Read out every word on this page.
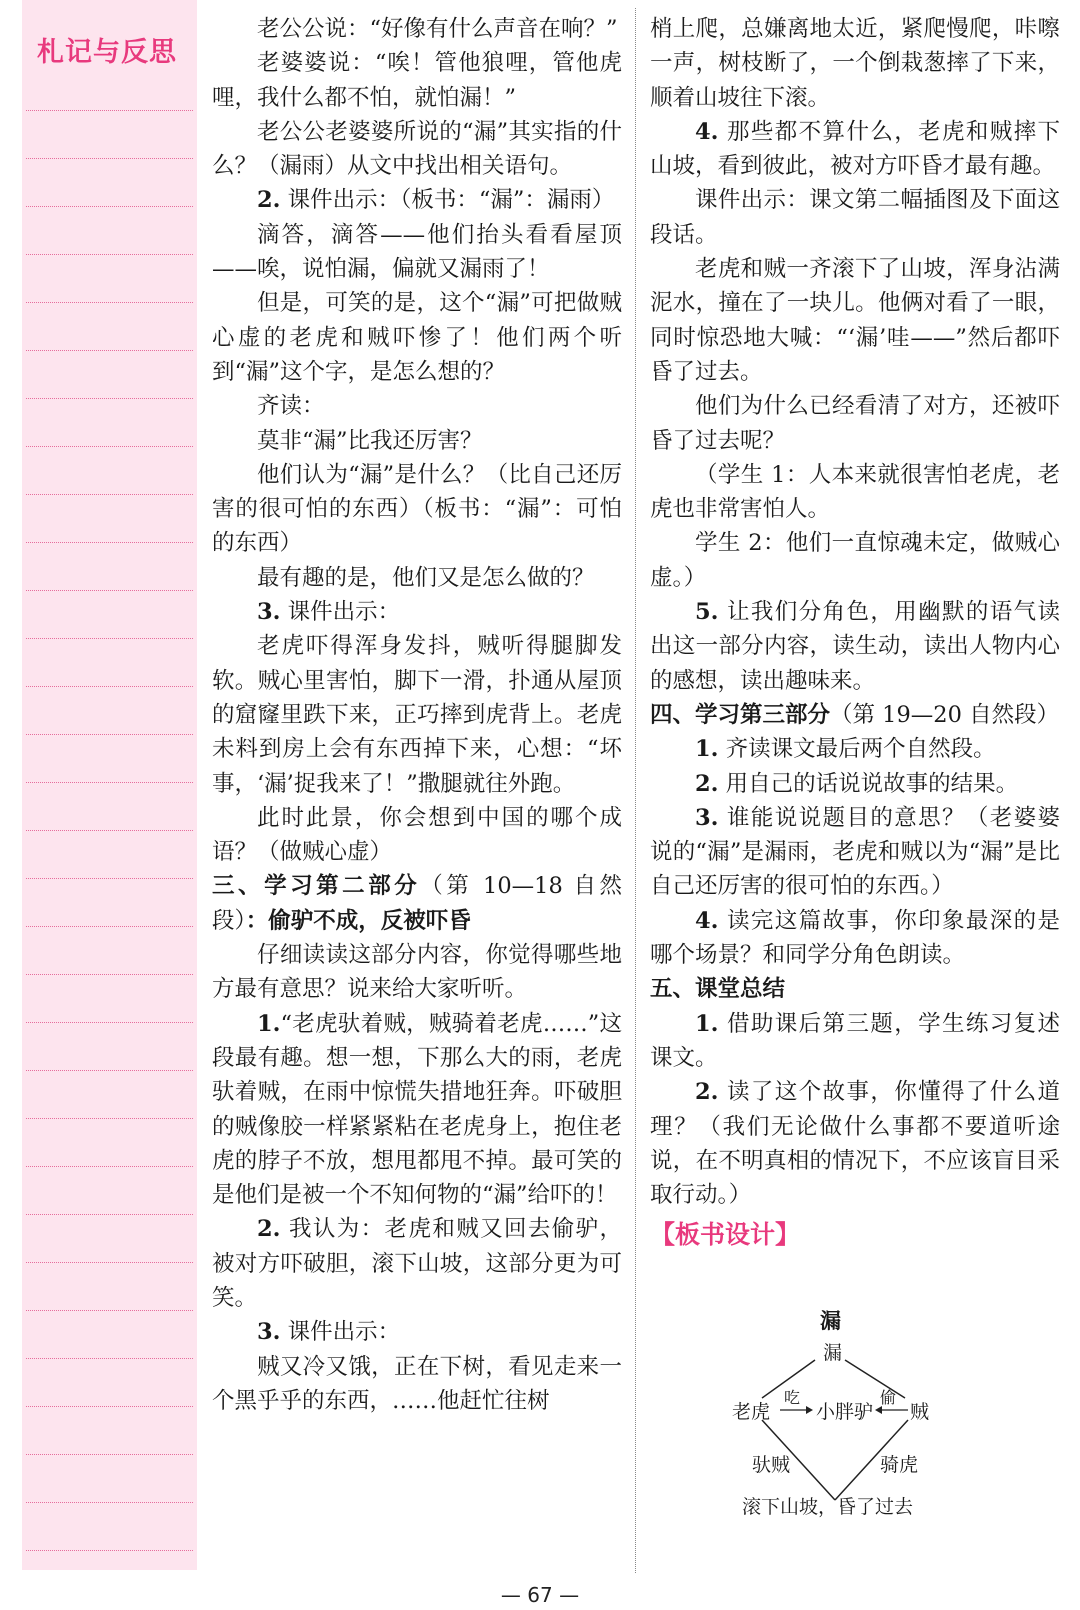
札记与反思

老公公说：“好像有什么声音在响？”

老婆婆说：“唉！管他狼哩，管他虎哩，我什么都不怕，就怕漏！”

老公公老婆婆所说的“漏”其实指的什么？（漏雨）从文中找出相关语句。

2. 课件出示：（板书：“漏”：漏雨）

滴答，滴答——他们抬头看看屋顶——唉，说怕漏，偏就又漏雨了！

但是，可笑的是，这个“漏”可把做贼心虚的老虎和贼吓惨了！他们两个听到“漏”这个字，是怎么想的？

齐读：

莫非“漏”比我还厉害？

他们认为“漏”是什么？（比自己还厉害的很可怕的东西）（板书：“漏”：可怕的东西）

最有趣的是，他们又是怎么做的？

3. 课件出示：

老虎吓得浑身发抖，贼听得腿脚发软。贼心里害怕，脚下一滑，扑通从屋顶的窟窿里跌下来，正巧摔到虎背上。老虎未料到房上会有东西掉下来，心想：“坏事，‘漏’捉我来了！”撒腿就往外跑。

此时此景，你会想到中国的哪个成语？（做贼心虚）

三、学习第二部分（第 10—18 自然段）：偷驴不成，反被吓昏

仔细读读这部分内容，你觉得哪些地方最有意思？说来给大家听听。

1.“老虎驮着贼，贼骑着老虎……”这段最有趣。想一想，下那么大的雨，老虎驮着贼，在雨中惊慌失措地狂奔。吓破胆的贼像胶一样紧紧粘在老虎身上，抱住老虎的脖子不放，想甩都甩不掉。最可笑的是他们是被一个不知何物的“漏”给吓的！

2. 我认为：老虎和贼又回去偷驴，被对方吓破胆，滚下山坡，这部分更为可笑。

3. 课件出示：

贼又冷又饿，正在下树，看见走来一个黑乎乎的东西，……他赶忙往树

梢上爬，总嫌离地太近，紧爬慢爬，咔嚓一声，树枝断了，一个倒栽葱摔了下来，顺着山坡往下滚。

4. 那些都不算什么，老虎和贼摔下山坡，看到彼此，被对方吓昏才最有趣。

课件出示：课文第二幅插图及下面这段话。

老虎和贼一齐滚下了山坡，浑身沾满泥水，撞在了一块儿。他俩对看了一眼，同时惊恐地大喊：“‘漏’哇——”然后都吓昏了过去。

他们为什么已经看清了对方，还被吓昏了过去呢？

（学生 1：人本来就很害怕老虎，老虎也非常害怕人。

学生 2：他们一直惊魂未定，做贼心虚。）

5. 让我们分角色，用幽默的语气读出这一部分内容，读生动，读出人物内心的感想，读出趣味来。

四、学习第三部分（第 19—20 自然段）

1. 齐读课文最后两个自然段。

2. 用自己的话说说故事的结果。

3. 谁能说说题目的意思？（老婆婆说的“漏”是漏雨，老虎和贼以为“漏”是比自己还厉害的很可怕的东西。）

4. 读完这篇故事，你印象最深的是哪个场景？和同学分角色朗读。

五、课堂总结

1. 借助课后第三题，学生练习复述课文。

2. 读了这个故事，你懂得了什么道理？（我们无论做什么事都不要道听途说，在不明真相的情况下，不应该盲目采取行动。）

【板书设计】

漏
漏
老虎
吃
小胖驴
偷
贼
驮贼	骑虎
滚下山坡，昏了过去
— 67 —
